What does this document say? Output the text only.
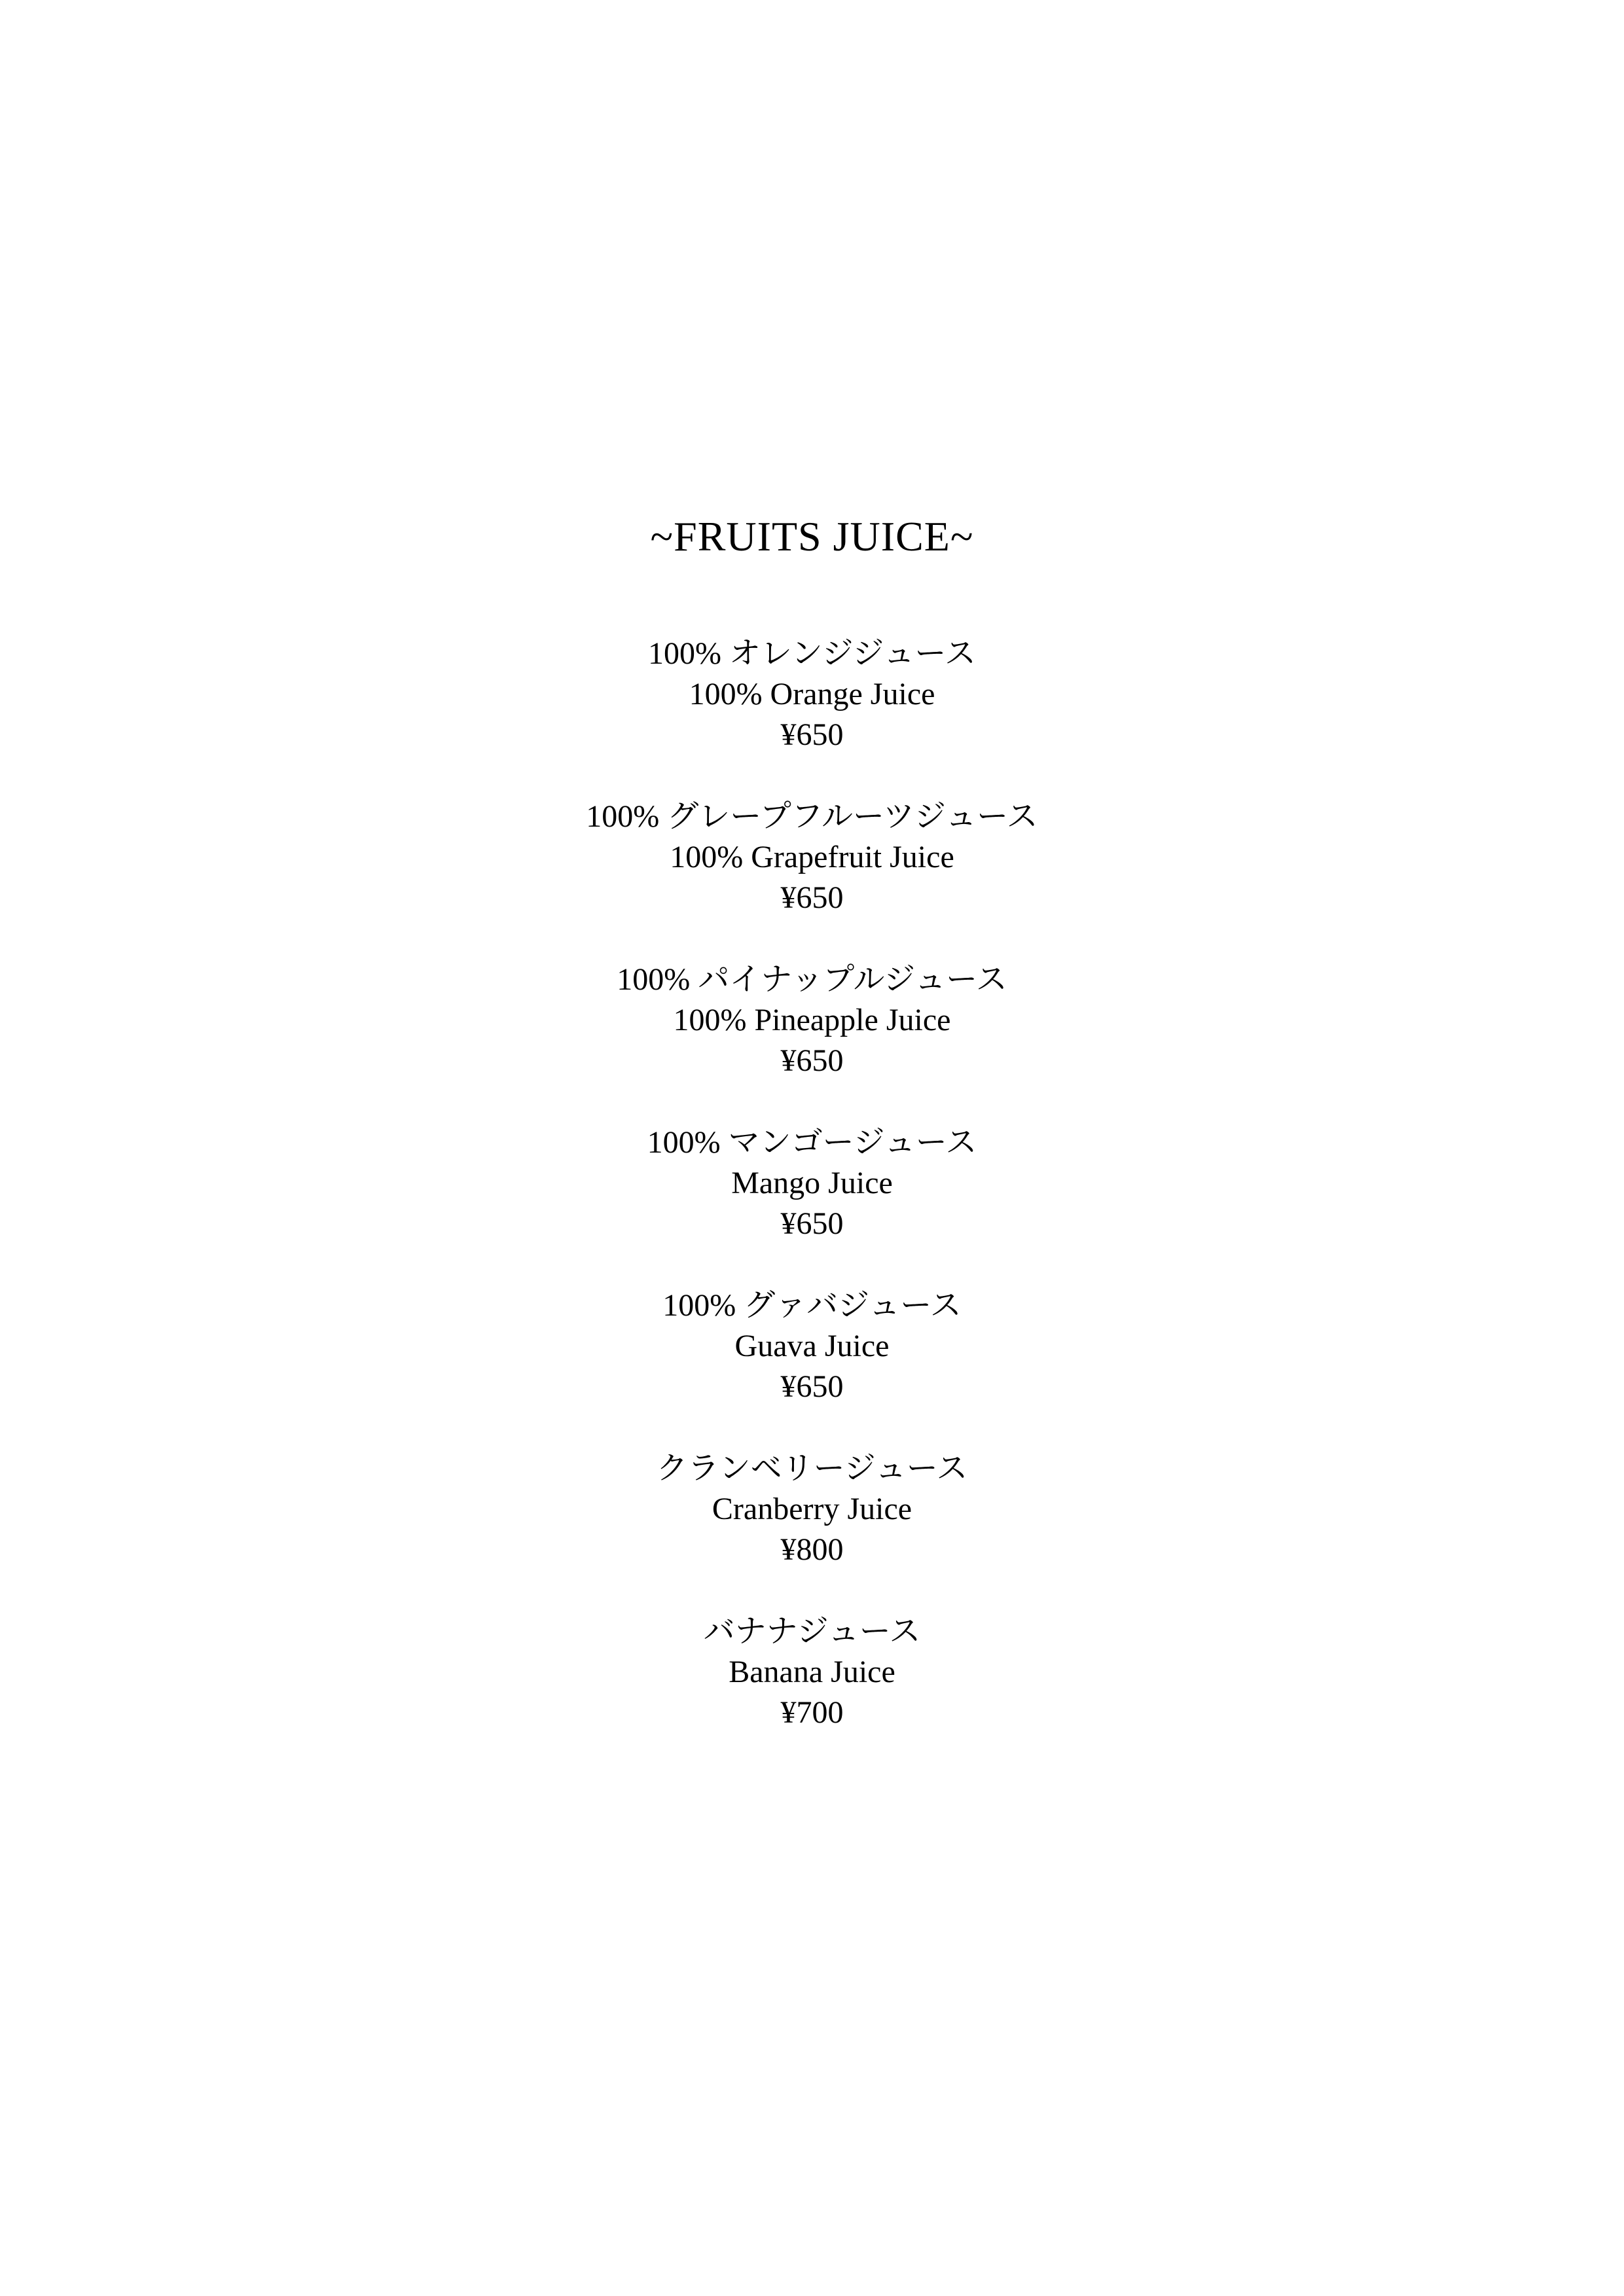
~FRUITS JUICE~
100% オレンジジュース
100% Orange Juice
¥650
100% グレープフルーツジュース
100% Grapefruit Juice
¥650
100% パイナップルジュース
100% Pineapple Juice
¥650
100% マンゴージュース
Mango Juice
¥650
100% グァバジュース
Guava Juice
¥650
クランベリージュース
Cranberry Juice
¥800
バナナジュース
Banana Juice
¥700
